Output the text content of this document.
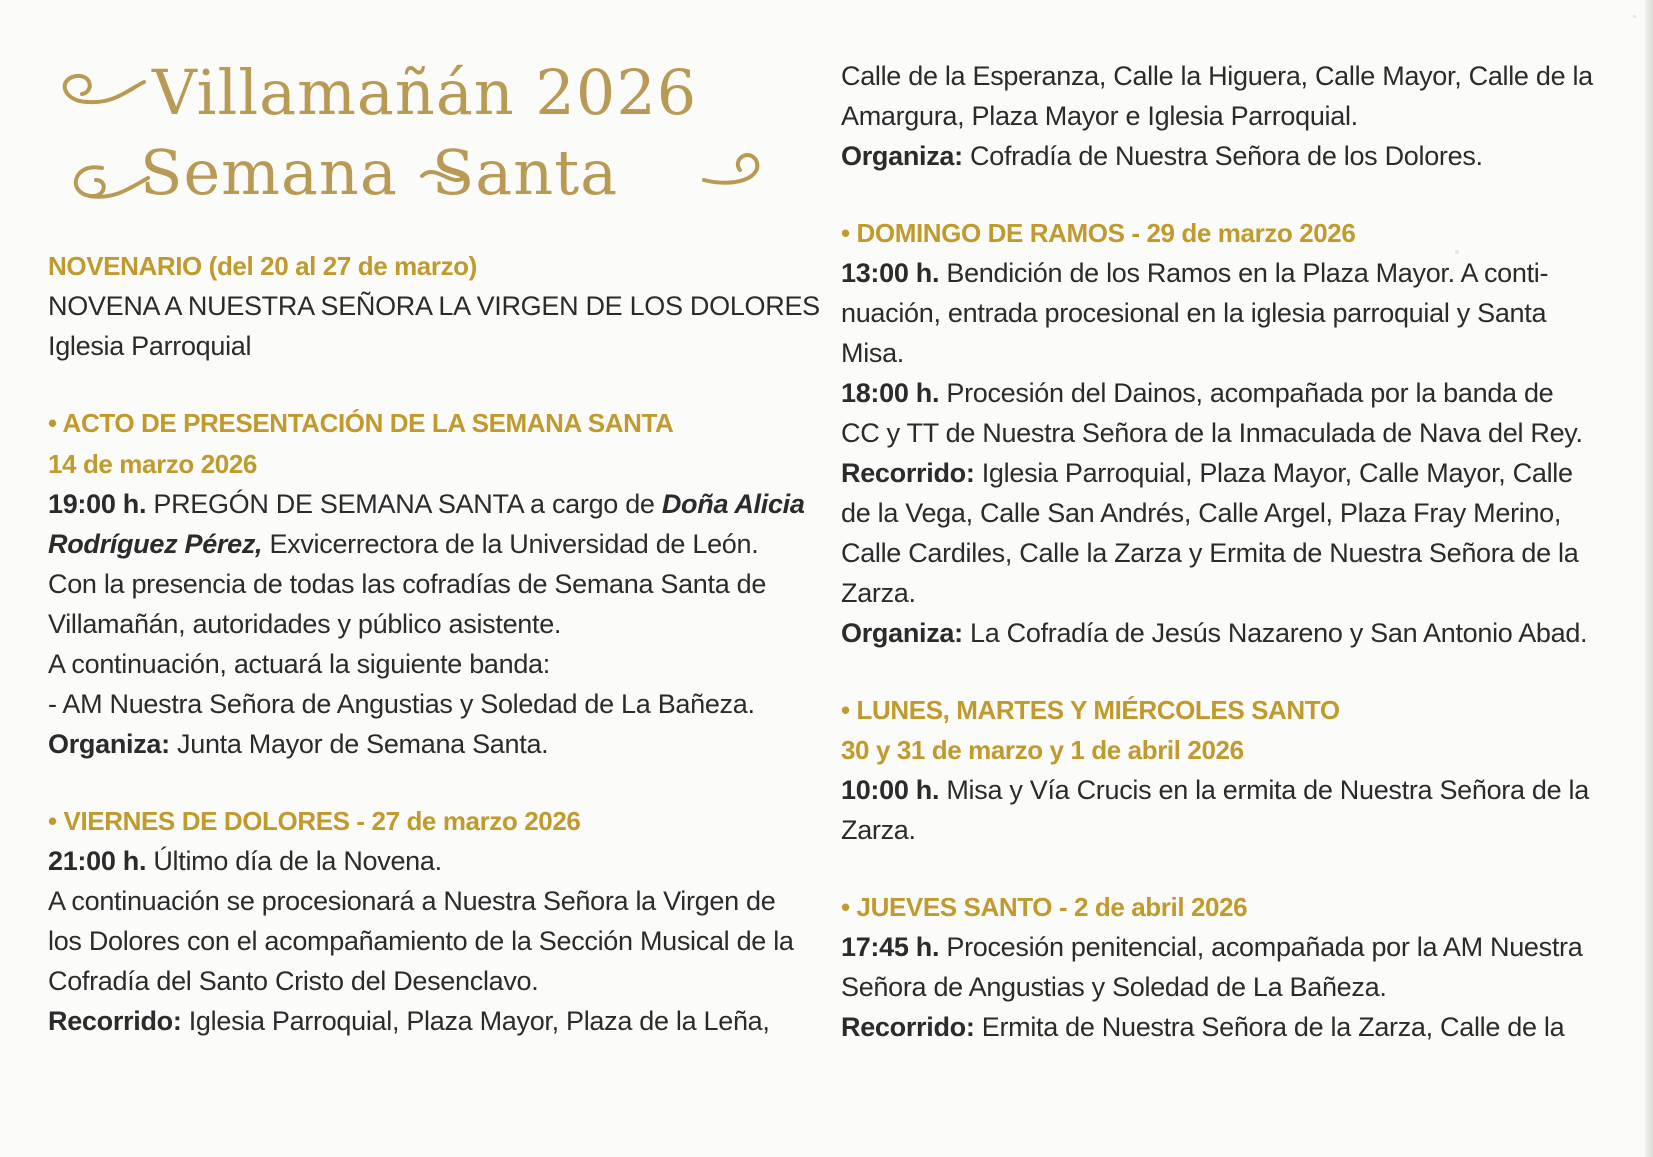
Villamañán 2026
Semana Santa
NOVENARIO (del 20 al 27 de marzo)
NOVENA A NUESTRA SEÑORA LA VIRGEN DE LOS DOLORES
Iglesia Parroquial
• ACTO DE PRESENTACIÓN DE LA SEMANA SANTA
14 de marzo 2026
19:00 h. PREGÓN DE SEMANA SANTA a cargo de Doña Alicia
Rodríguez Pérez, Exvicerrectora de la Universidad de León.
Con la presencia de todas las cofradías de Semana Santa de
Villamañán, autoridades y público asistente.
A continuación, actuará la siguiente banda:
- AM Nuestra Señora de Angustias y Soledad de La Bañeza.
Organiza: Junta Mayor de Semana Santa.
• VIERNES DE DOLORES - 27 de marzo 2026
21:00 h. Último día de la Novena.
A continuación se procesionará a Nuestra Señora la Virgen de
los Dolores con el acompañamiento de la Sección Musical de la
Cofradía del Santo Cristo del Desenclavo.
Recorrido: Iglesia Parroquial, Plaza Mayor, Plaza de la Leña,
Calle de la Esperanza, Calle la Higuera, Calle Mayor, Calle de la
Amargura, Plaza Mayor e Iglesia Parroquial.
Organiza: Cofradía de Nuestra Señora de los Dolores.
• DOMINGO DE RAMOS - 29 de marzo 2026
13:00 h. Bendición de los Ramos en la Plaza Mayor. A conti-
nuación, entrada procesional en la iglesia parroquial y Santa
Misa.
18:00 h. Procesión del Dainos, acompañada por la banda de
CC y TT de Nuestra Señora de la Inmaculada de Nava del Rey.
Recorrido: Iglesia Parroquial, Plaza Mayor, Calle Mayor, Calle
de la Vega, Calle San Andrés, Calle Argel, Plaza Fray Merino,
Calle Cardiles, Calle la Zarza y Ermita de Nuestra Señora de la
Zarza.
Organiza: La Cofradía de Jesús Nazareno y San Antonio Abad.
• LUNES, MARTES Y MIÉRCOLES SANTO
30 y 31 de marzo y 1 de abril 2026
10:00 h. Misa y Vía Crucis en la ermita de Nuestra Señora de la
Zarza.
• JUEVES SANTO - 2 de abril 2026
17:45 h. Procesión penitencial, acompañada por la AM Nuestra
Señora de Angustias y Soledad de La Bañeza.
Recorrido: Ermita de Nuestra Señora de la Zarza, Calle de la
